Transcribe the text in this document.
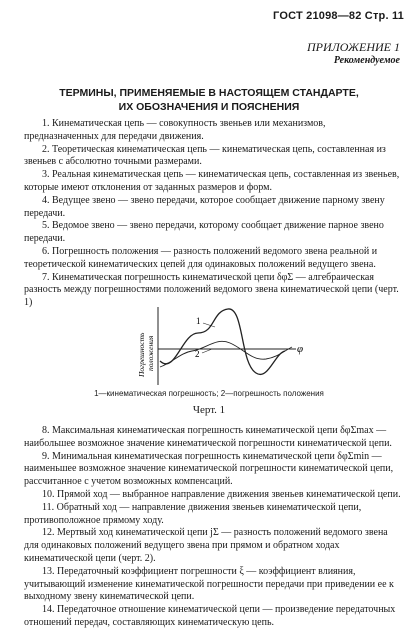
ГОСТ 21098—82 Стр. 11
ПРИЛОЖЕНИЕ 1
Рекомендуемое
ТЕРМИНЫ, ПРИМЕНЯЕМЫЕ В НАСТОЯЩЕМ СТАНДАРТЕ,
ИХ ОБОЗНАЧЕНИЯ И ПОЯСНЕНИЯ

1. Кинематическая цепь — совокупность звеньев или механизмов, предназначенных для передачи движения.

2. Теоретическая кинематическая цепь — кинематическая цепь, составленная из звеньев с абсолютно точными размерами.

3. Реальная кинематическая цепь — кинематическая цепь, составленная из звеньев, которые имеют отклонения от заданных размеров и форм.

4. Ведущее звено — звено передачи, которое сообщает движение парному звену передачи.

5. Ведомое звено — звено передачи, которому сообщает движение парное звено передачи.

6. Погрешность положения — разность положений ведомого звена реальной и теоретической кинематических цепей для одинаковых положений ведущего звена.

7. Кинематическая погрешность кинематической цепи δφΣ — алгебраическая разность между погрешностями положений ведомого звена кинематической цепи (черт. 1)

1
2	φ
Погрешность положения
1—кинематическая погрешность; 2—погрешность положения
Черт. 1

8. Максимальная кинематическая погрешность кинематической цепи δφΣmax — наибольшее возможное значение кинематической погрешности кинематической цепи.

9. Минимальная кинематическая погрешность кинематической цепи δφΣmin — наименьшее возможное значение кинематической погрешности кинематической цепи, рассчитанное с учетом возможных компенсаций.

10. Прямой ход — выбранное направление движения звеньев кинематической цепи.

11. Обратный ход — направление движения звеньев кинематической цепи, противоположное прямому ходу.

12. Мертвый ход кинематической цепи jΣ — разность положений ведомого звена для одинаковых положений ведущего звена при прямом и обратном ходах кинематической цепи (черт. 2).

13. Передаточный коэффициент погрешности ξ — коэффициент влияния, учитывающий изменение кинематической погрешности передачи при приведении ее к выходному звену кинематической цепи.

14. Передаточное отношение кинематической цепи — произведение передаточных отношений передач, составляющих кинематическую цепь.
